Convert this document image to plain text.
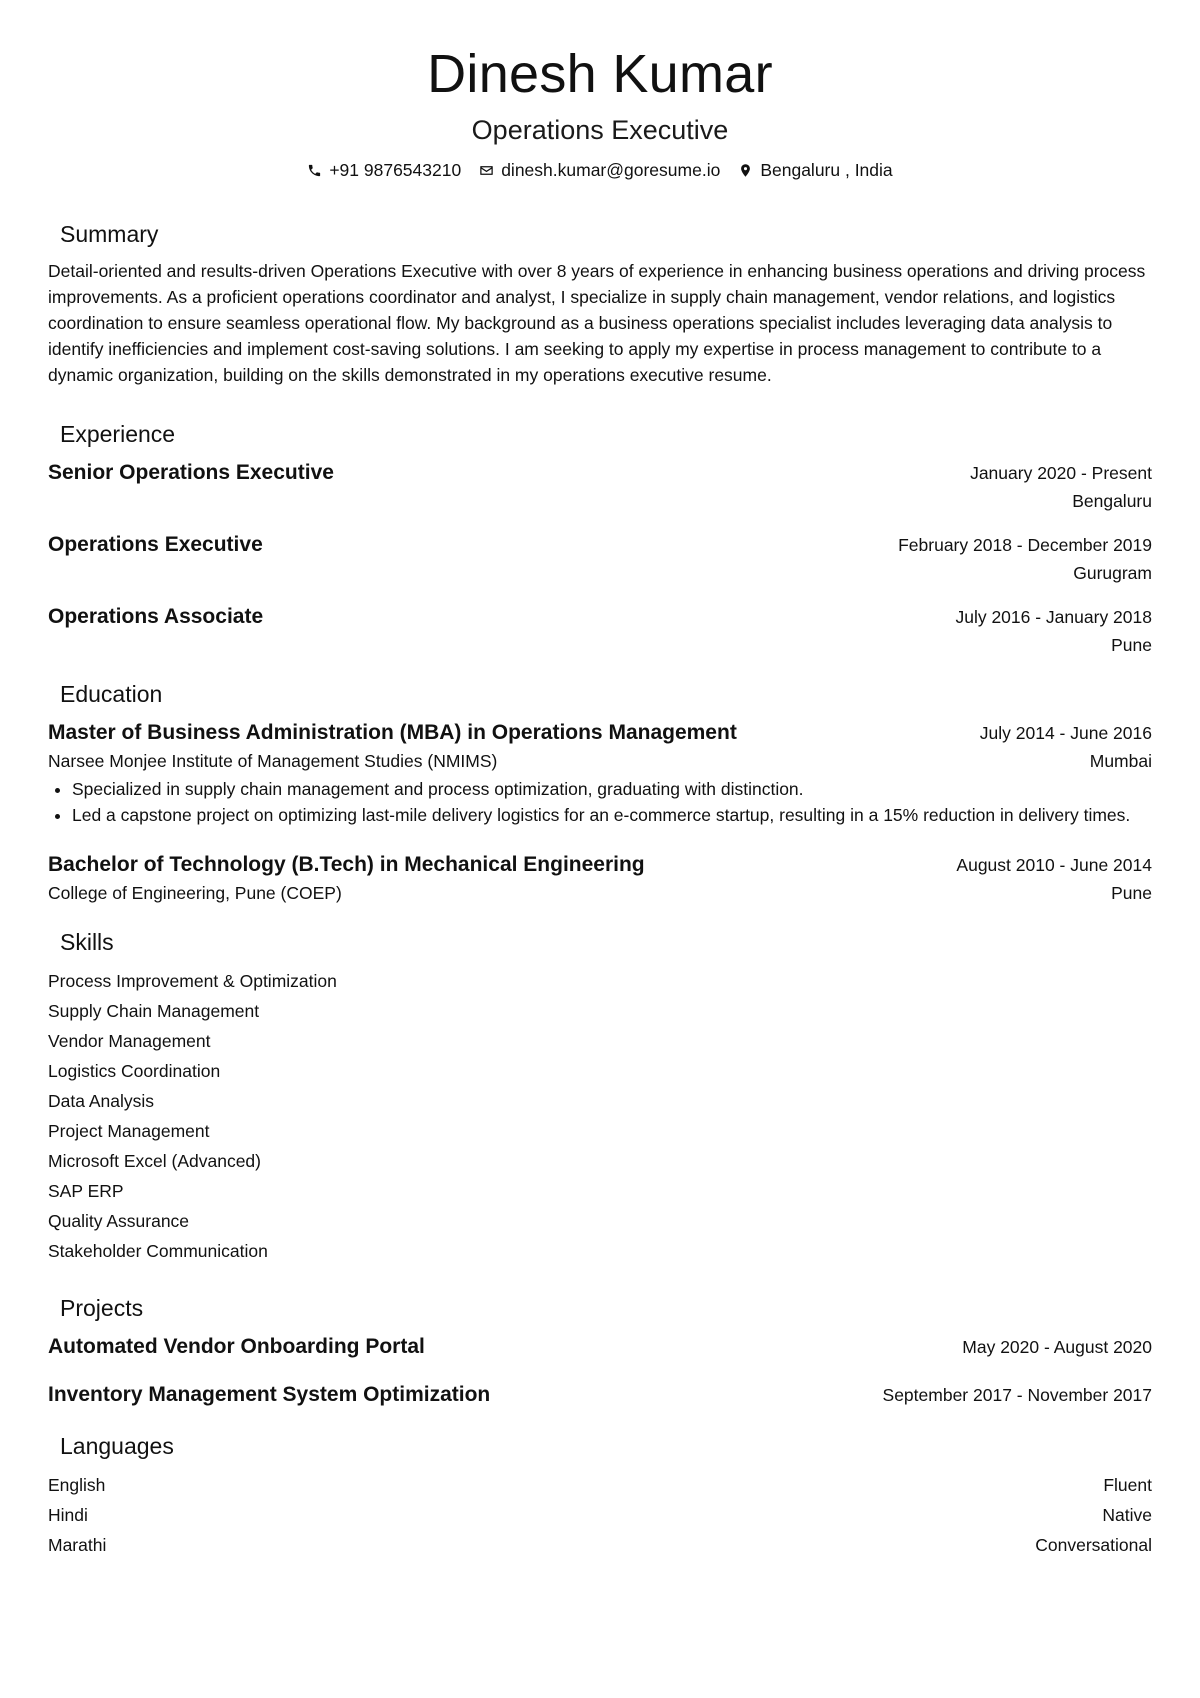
Dinesh Kumar
Operations Executive
+91 9876543210 dinesh.kumar@goresume.io Bengaluru , India
Summary

Detail-oriented and results-driven Operations Executive with over 8 years of experience in enhancing business operations and driving process improvements. As a proficient operations coordinator and analyst, I specialize in supply chain management, vendor relations, and logistics coordination to ensure seamless operational flow. My background as a business operations specialist includes leveraging data analysis to identify inefficiencies and implement cost-saving solutions. I am seeking to apply my expertise in process management to contribute to a dynamic organization, building on the skills demonstrated in my operations executive resume.

Experience
Senior Operations Executive	January 2020 - Present
Bengaluru
Operations Executive	February 2018 - December 2019
Gurugram
Operations Associate	July 2016 - January 2018
Pune
Education
Master of Business Administration (MBA) in Operations Management	July 2014 - June 2016
Narsee Monjee Institute of Management Studies (NMIMS)	Mumbai
• Specialized in supply chain management and process optimization, graduating with distinction.
• Led a capstone project on optimizing last-mile delivery logistics for an e-commerce startup, resulting in a 15% reduction in delivery times.
Bachelor of Technology (B.Tech) in Mechanical Engineering	August 2010 - June 2014
College of Engineering, Pune (COEP)	Pune
Skills
Process Improvement & Optimization
Supply Chain Management
Vendor Management
Logistics Coordination
Data Analysis
Project Management
Microsoft Excel (Advanced)
SAP ERP
Quality Assurance
Stakeholder Communication
Projects
Automated Vendor Onboarding Portal	May 2020 - August 2020
Inventory Management System Optimization	September 2017 - November 2017
Languages
English	Fluent
Hindi	Native
Marathi	Conversational
